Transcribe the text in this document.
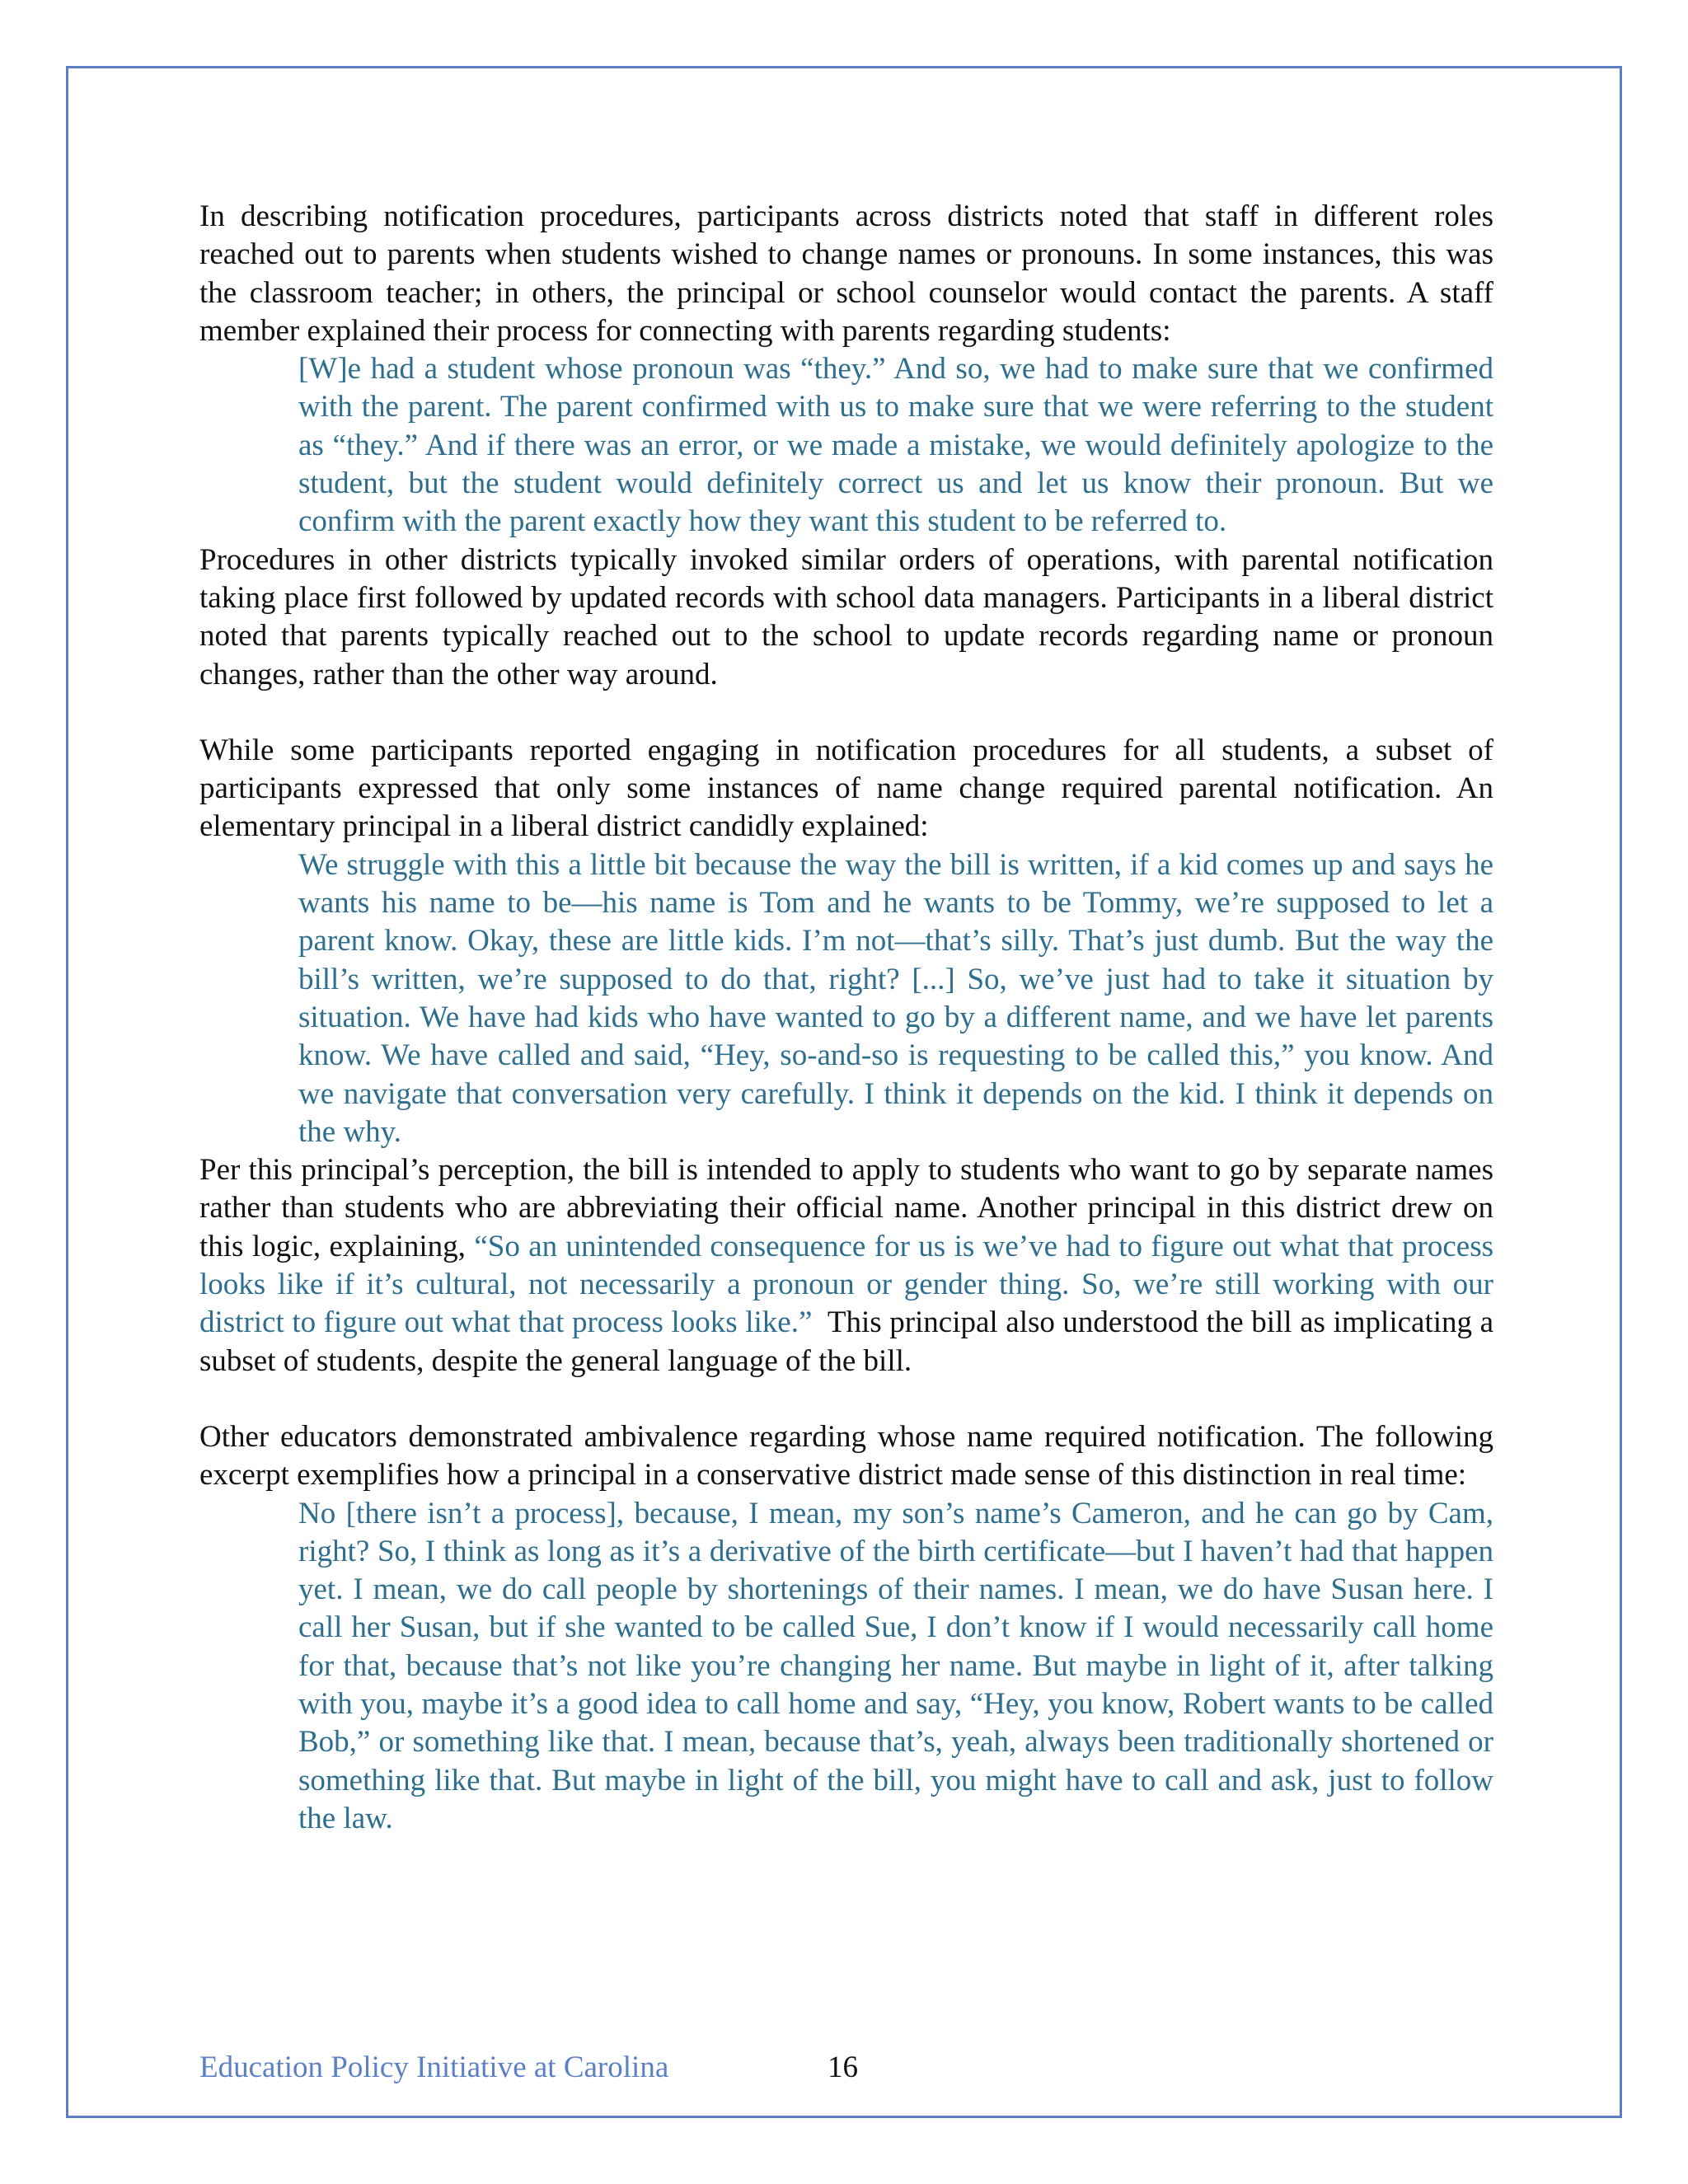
In describing notification procedures, participants across districts noted that staff in different roles reached out to parents when students wished to change names or pronouns. In some instances, this was the classroom teacher; in others, the principal or school counselor would contact the parents. A staff member explained their process for connecting with parents regarding students:

[W]e had a student whose pronoun was “they.” And so, we had to make sure that we confirmed with the parent. The parent confirmed with us to make sure that we were referring to the student as “they.” And if there was an error, or we made a mistake, we would definitely apologize to the student, but the student would definitely correct us and let us know their pronoun. But we confirm with the parent exactly how they want this student to be referred to.

Procedures in other districts typically invoked similar orders of operations, with parental notification taking place first followed by updated records with school data managers. Participants in a liberal district noted that parents typically reached out to the school to update records regarding name or pronoun changes, rather than the other way around.

While some participants reported engaging in notification procedures for all students, a subset of participants expressed that only some instances of name change required parental notification. An elementary principal in a liberal district candidly explained:

We struggle with this a little bit because the way the bill is written, if a kid comes up and says he wants his name to be—his name is Tom and he wants to be Tommy, we’re supposed to let a parent know. Okay, these are little kids. I’m not—that’s silly. That’s just dumb. But the way the bill’s written, we’re supposed to do that, right? [...] So, we’ve just had to take it situation by situation. We have had kids who have wanted to go by a different name, and we have let parents know. We have called and said, “Hey, so-and-so is requesting to be called this,” you know. And we navigate that conversation very carefully. I think it depends on the kid. I think it depends on the why.

Per this principal’s perception, the bill is intended to apply to students who want to go by separate names rather than students who are abbreviating their official name. Another principal in this district drew on this logic, explaining, “So an unintended consequence for us is we’ve had to figure out what that process looks like if it’s cultural, not necessarily a pronoun or gender thing. So, we’re still working with our district to figure out what that process looks like.”  This principal also understood the bill as implicating a subset of students, despite the general language of the bill.

Other educators demonstrated ambivalence regarding whose name required notification. The following excerpt exemplifies how a principal in a conservative district made sense of this distinction in real time:

No [there isn’t a process], because, I mean, my son’s name’s Cameron, and he can go by Cam, right? So, I think as long as it’s a derivative of the birth certificate—but I haven’t had that happen yet. I mean, we do call people by shortenings of their names. I mean, we do have Susan here. I call her Susan, but if she wanted to be called Sue, I don’t know if I would necessarily call home for that, because that’s not like you’re changing her name. But maybe in light of it, after talking with you, maybe it’s a good idea to call home and say, “Hey, you know, Robert wants to be called Bob,” or something like that. I mean, because that’s, yeah, always been traditionally shortened or something like that. But maybe in light of the bill, you might have to call and ask, just to follow the law.

Education Policy Initiative at Carolina	16
